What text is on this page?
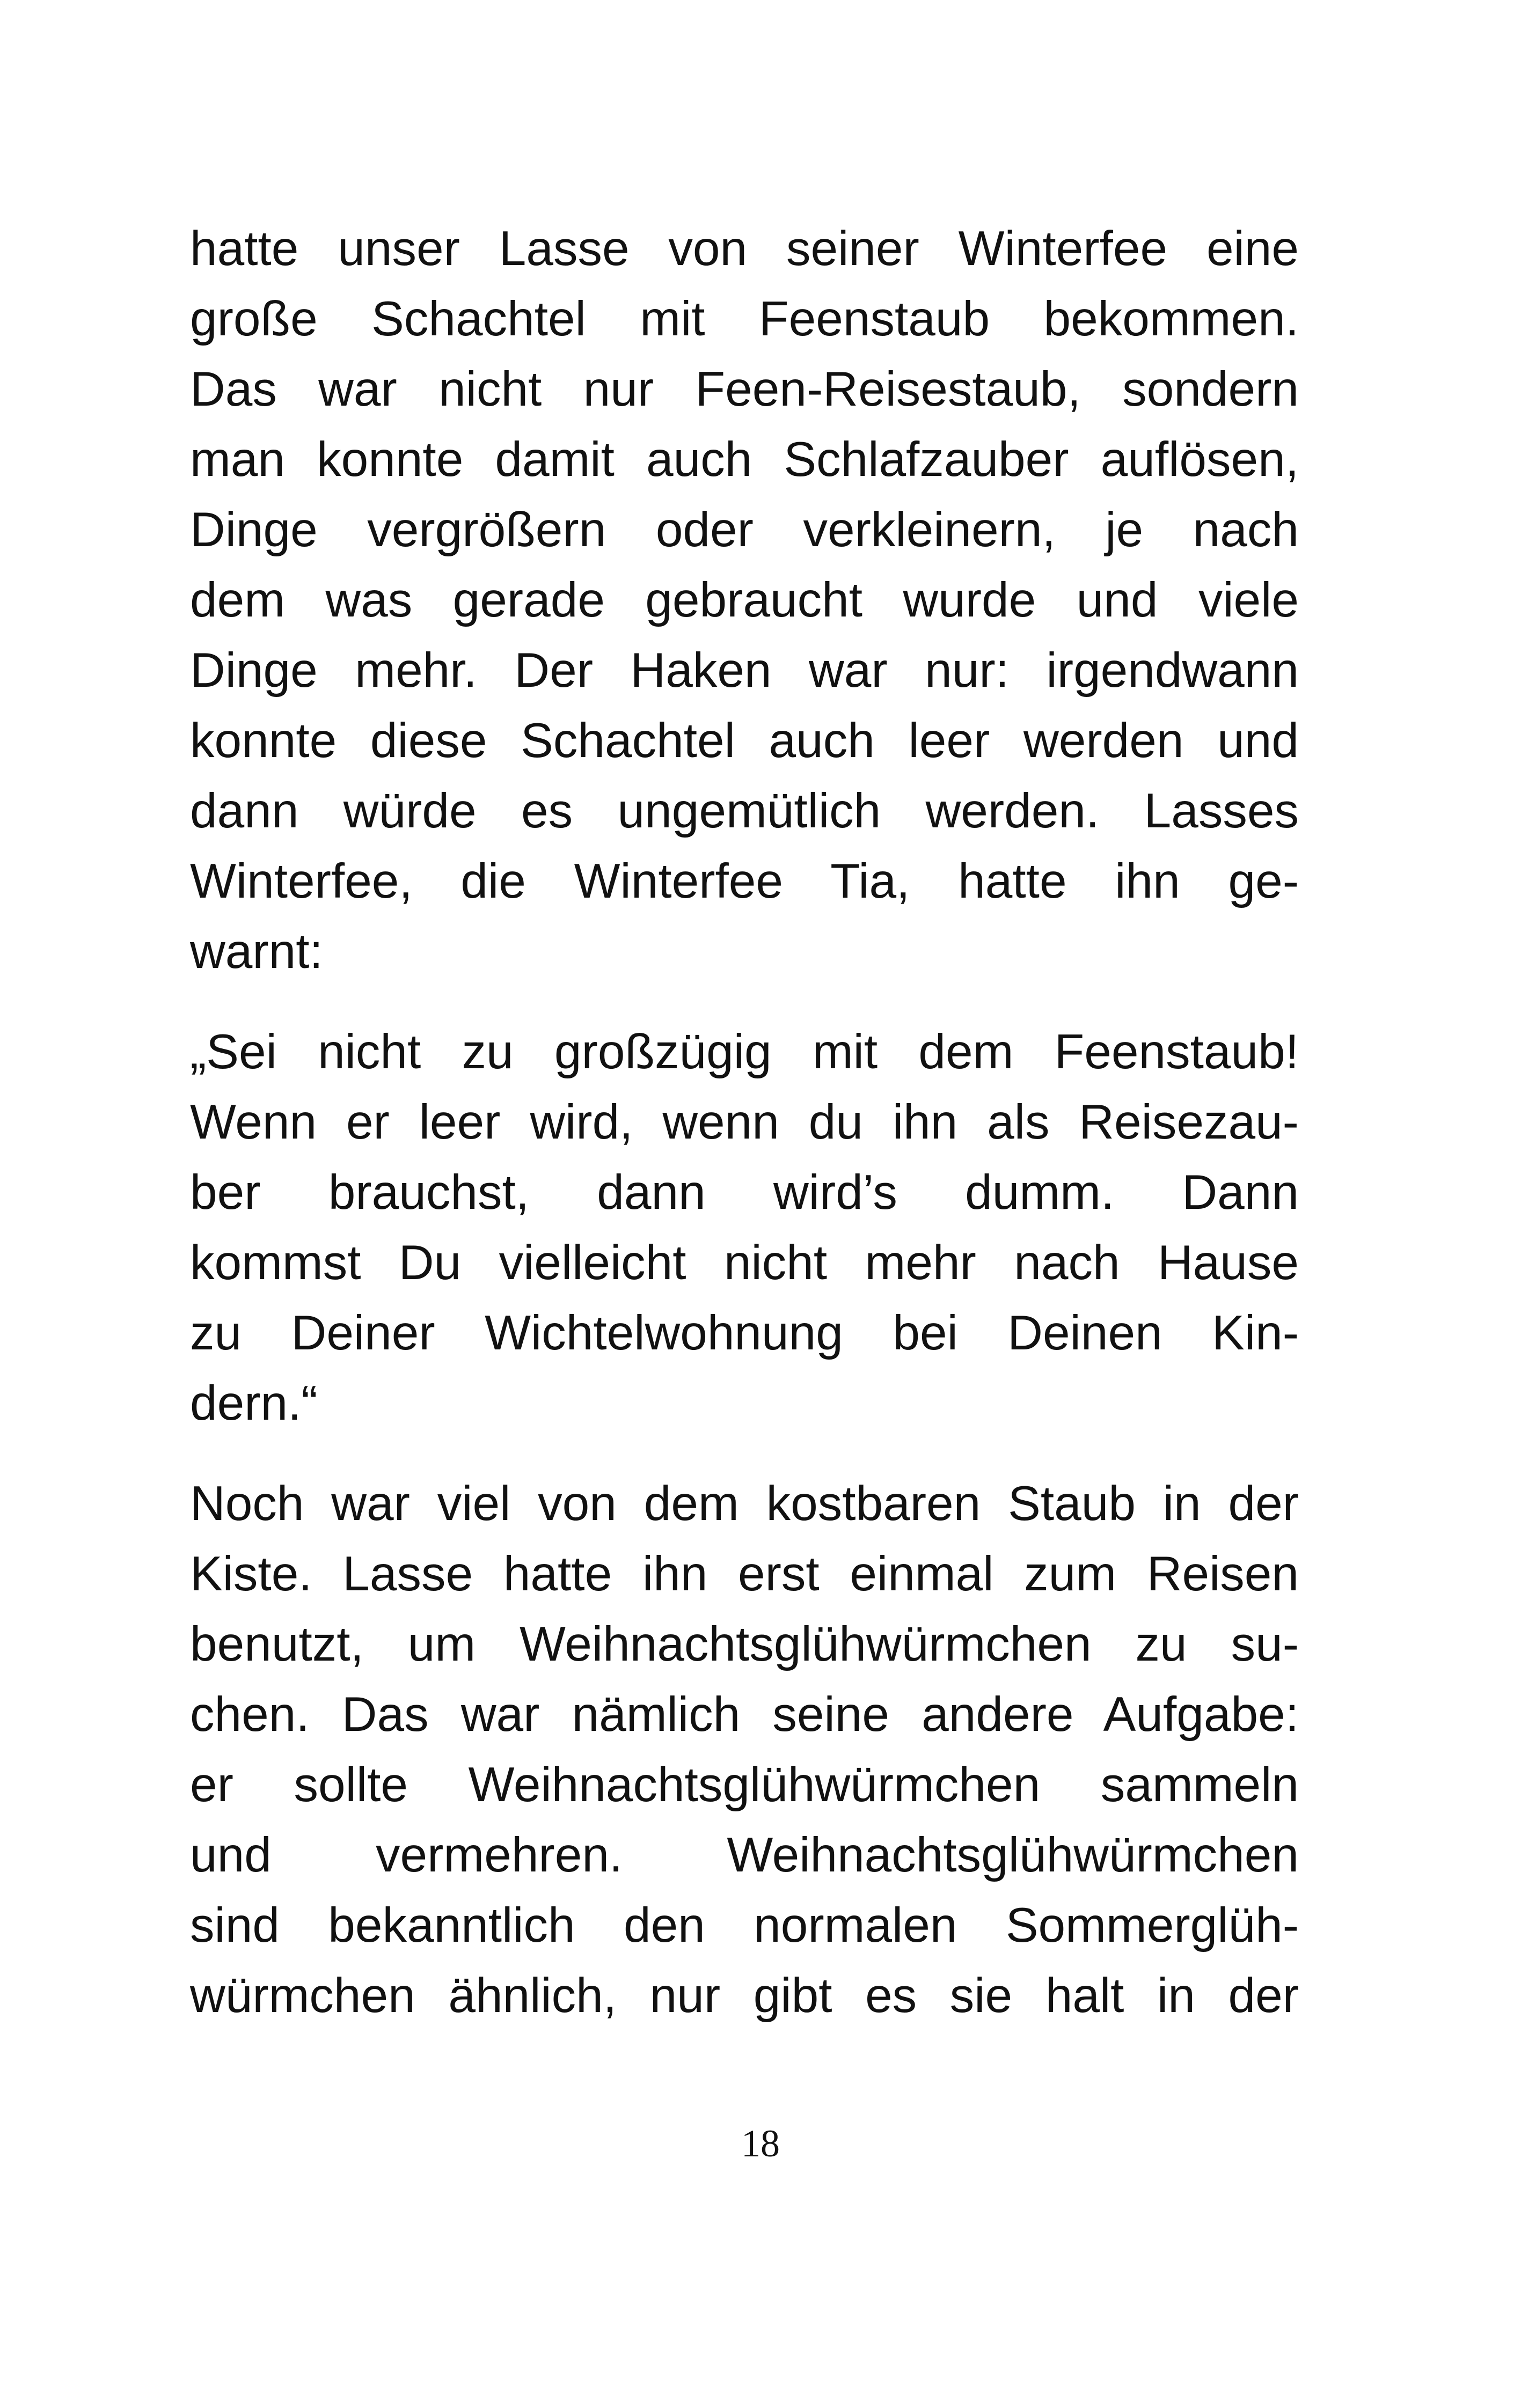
hatte unser Lasse von seiner Winterfee eine
große Schachtel mit Feenstaub bekommen.
Das war nicht nur Feen-Reisestaub, sondern
man konnte damit auch Schlafzauber auflösen,
Dinge vergrößern oder verkleinern, je nach
dem was gerade gebraucht wurde und viele
Dinge mehr. Der Haken war nur: irgendwann
konnte diese Schachtel auch leer werden und
dann würde es ungemütlich werden. Lasses
Winterfee, die Winterfee Tia, hatte ihn ge-
warnt:
„Sei nicht zu großzügig mit dem Feenstaub!
Wenn er leer wird, wenn du ihn als Reisezau-
ber brauchst, dann wird’s dumm. Dann
kommst Du vielleicht nicht mehr nach Hause
zu Deiner Wichtelwohnung bei Deinen Kin-
dern.“
Noch war viel von dem kostbaren Staub in der
Kiste. Lasse hatte ihn erst einmal zum Reisen
benutzt, um Weihnachtsglühwürmchen zu su-
chen. Das war nämlich seine andere Aufgabe:
er sollte Weihnachtsglühwürmchen sammeln
und vermehren. Weihnachtsglühwürmchen
sind bekanntlich den normalen Sommerglüh-
würmchen ähnlich, nur gibt es sie halt in der
18
